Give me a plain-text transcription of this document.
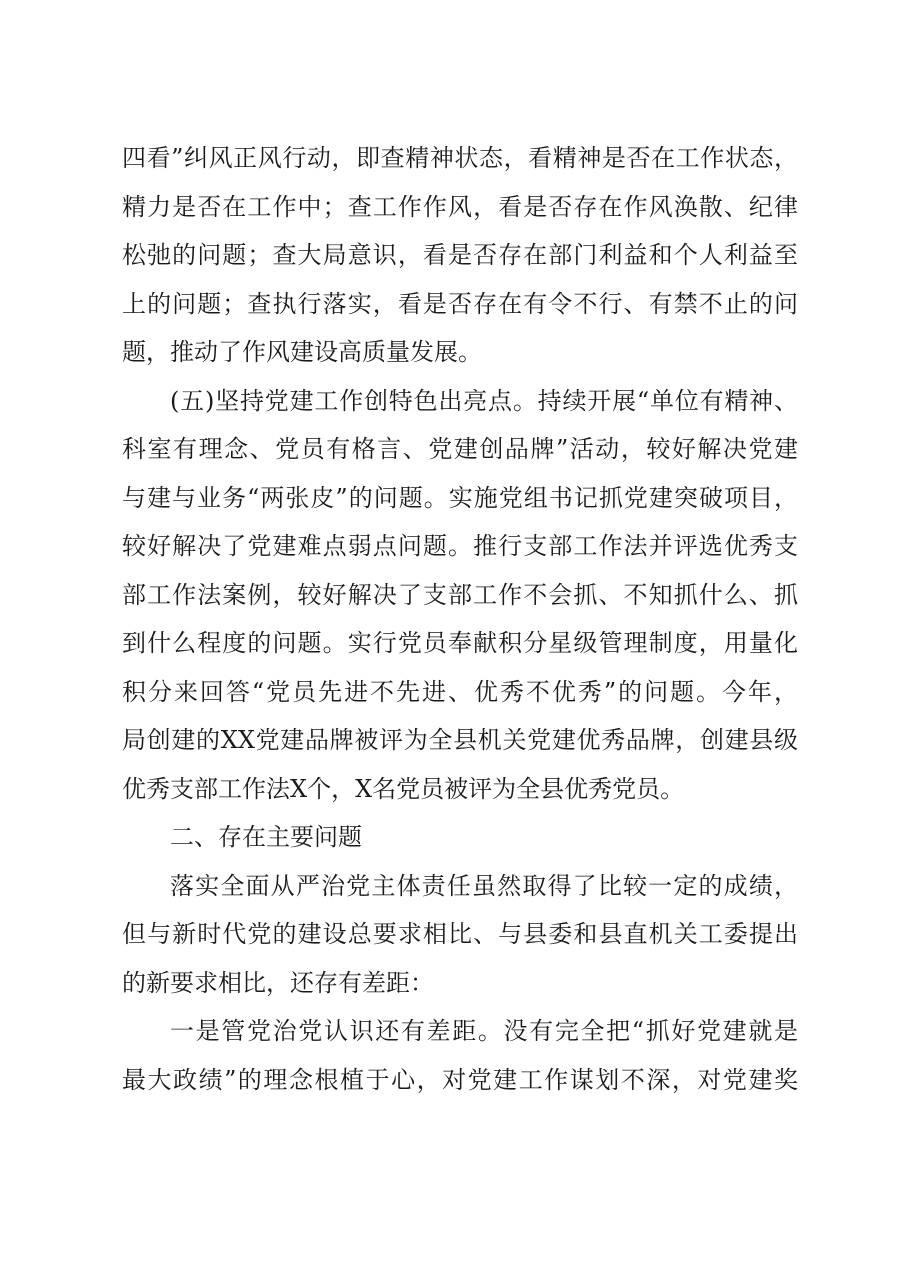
四看”纠风正风行动，即查精神状态，看精神是否在工作状态，
精力是否在工作中；查工作作风，看是否存在作风涣散、纪律
松弛的问题；查大局意识，看是否存在部门利益和个人利益至
上的问题；查执行落实，看是否存在有令不行、有禁不止的问
题，推动了作风建设高质量发展。
(五)坚持党建工作创特色出亮点。持续开展“单位有精神、
科室有理念、党员有格言、党建创品牌”活动，较好解决党建
与建与业务“两张皮”的问题。实施党组书记抓党建突破项目，
较好解决了党建难点弱点问题。推行支部工作法并评选优秀支
部工作法案例，较好解决了支部工作不会抓、不知抓什么、抓
到什么程度的问题。实行党员奉献积分星级管理制度，用量化
积分来回答“党员先进不先进、优秀不优秀”的问题。今年，
局创建的XX党建品牌被评为全县机关党建优秀品牌，创建县级
优秀支部工作法X个，X名党员被评为全县优秀党员。
二、存在主要问题
落实全面从严治党主体责任虽然取得了比较一定的成绩，
但与新时代党的建设总要求相比、与县委和县直机关工委提出
的新要求相比，还存有差距：
一是管党治党认识还有差距。没有完全把“抓好党建就是
最大政绩”的理念根植于心，对党建工作谋划不深，对党建奖
